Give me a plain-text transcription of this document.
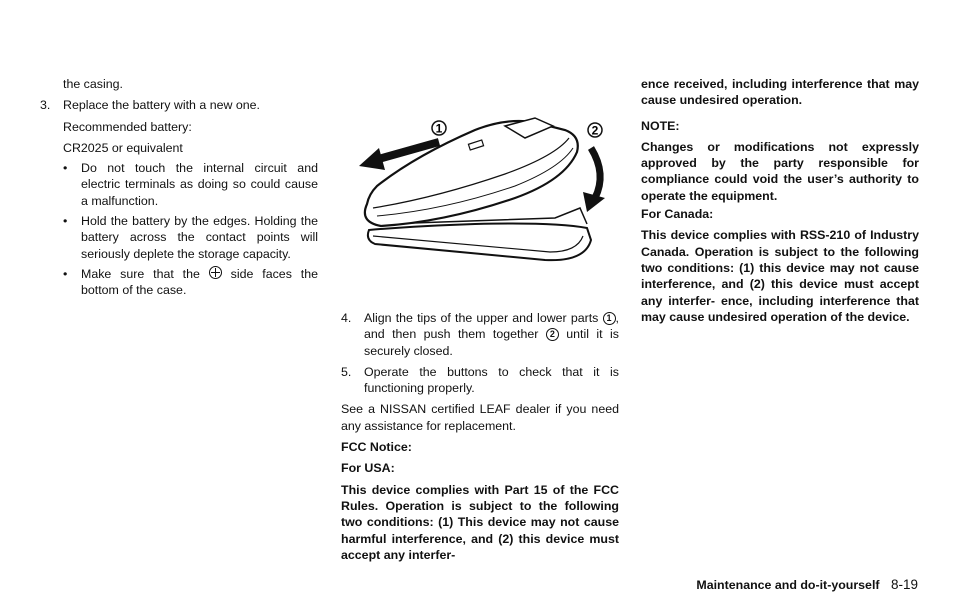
the casing.

3. Replace the battery with a new one.

Recommended battery:

CR2025 or equivalent

• Do not touch the internal circuit and electric terminals as doing so could cause a malfunction.
• Hold the battery by the edges. Holding the battery across the contact points will seriously deplete the storage capacity.
• Make sure that the side faces the bottom of the case.
1	2

4. Align the tips of the upper and lower parts 1 , and then push them together 2 until it is securely closed.

5. Operate the buttons to check that it is functioning properly.

See a NISSAN certified LEAF dealer if you need any assistance for replacement.

FCC Notice:

For USA:

This device complies with Part 15 of the FCC Rules. Operation is subject to the following two conditions: (1) This device may not cause harmful interference, and (2) this device must accept any interfer-

ence received, including interference that may cause undesired operation.

NOTE:

Changes or modifications not expressly approved by the party responsible for compliance could void the user’s authority to operate the equipment.

For Canada:

This device complies with RSS-210 of Industry Canada. Operation is subject to the following two conditions: (1) this device may not cause interference, and (2) this device must accept any interfer- ence, including interference that may cause undesired operation of the device.

Maintenance and do-it-yourself 8-19
